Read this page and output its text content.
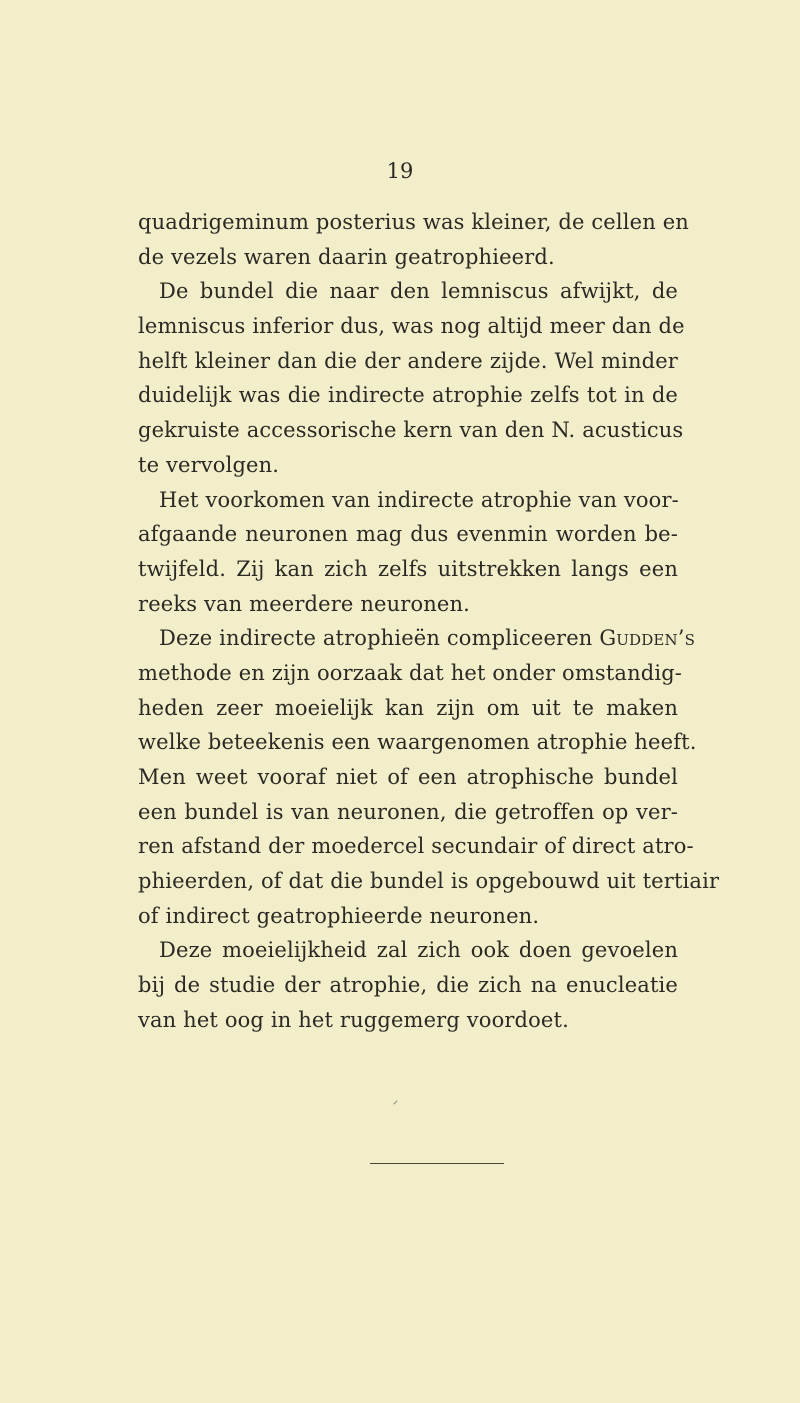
19
quadrigeminum posterius was kleiner, de cellen en
de vezels waren daarin geatrophieerd.
De bundel die naar den lemniscus afwijkt, de
lemniscus inferior dus, was nog altijd meer dan de
helft kleiner dan die der andere zijde. Wel minder
duidelijk was die indirecte atrophie zelfs tot in de
gekruiste accessorische kern van den N. acusticus
te vervolgen.
Het voorkomen van indirecte atrophie van voor-
afgaande neuronen mag dus evenmin worden be-
twijfeld. Zij kan zich zelfs uitstrekken langs een
reeks van meerdere neuronen.
Deze indirecte atrophieën compliceeren Gudden’s
methode en zijn oorzaak dat het onder omstandig-
heden zeer moeielijk kan zijn om uit te maken
welke beteekenis een waargenomen atrophie heeft.
Men weet vooraf niet of een atrophische bundel
een bundel is van neuronen, die getroffen op ver-
ren afstand der moedercel secundair of direct atro-
phieerden, of dat die bundel is opgebouwd uit tertiair
of indirect geatrophieerde neuronen.
Deze moeielijkheid zal zich ook doen gevoelen
bij de studie der atrophie, die zich na enucleatie
van het oog in het ruggemerg voordoet.
